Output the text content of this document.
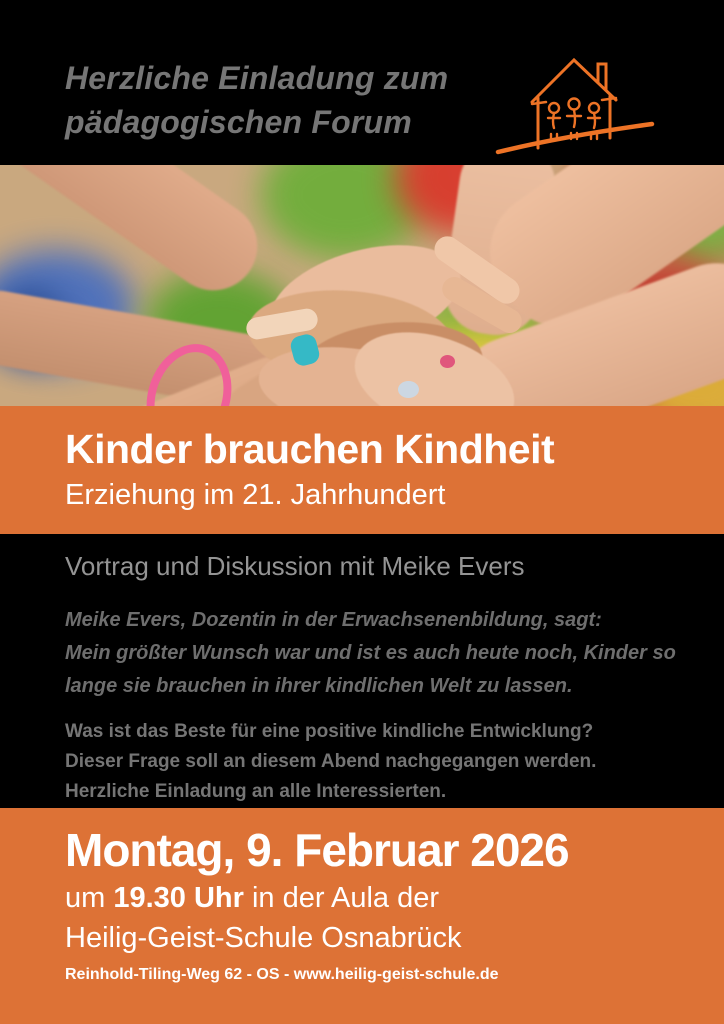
Herzliche Einladung zum
pädagogischen Forum
Kinder brauchen Kindheit
Erziehung im 21. Jahrhundert
Vortrag und Diskussion mit Meike Evers
Meike Evers, Dozentin in der Erwachsenenbildung, sagt:
Mein größter Wunsch war und ist es auch heute noch, Kinder so
lange sie brauchen in ihrer kindlichen Welt zu lassen.
Was ist das Beste für eine positive kindliche Entwicklung?
Dieser Frage soll an diesem Abend nachgegangen werden.
Herzliche Einladung an alle Interessierten.
Montag, 9. Februar 2026
um 19.30 Uhr in der Aula der
Heilig-Geist-Schule Osnabrück
Reinhold-Tiling-Weg 62 - OS - www.heilig-geist-schule.de
